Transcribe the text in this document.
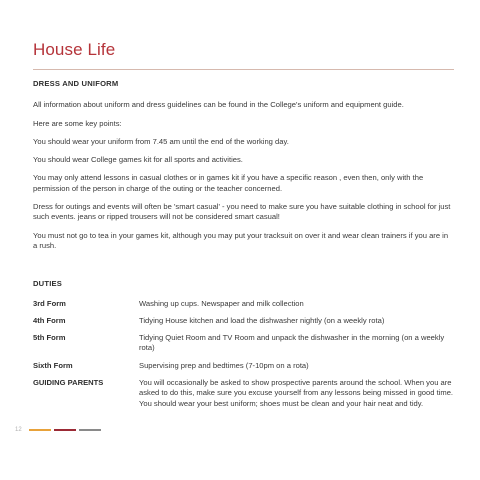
House Life
DRESS AND UNIFORM

All information about uniform and dress guidelines can be found in the College's uniform and equipment guide.

Here are some key points:

You should wear your uniform from 7.45 am until the end of the working day.

You should wear College games kit for all sports and activities.

You may only attend lessons in casual clothes or in games kit if you have a specific reason , even then, only with the permission of the person in charge of the outing or the teacher concerned.

Dress for outings and events will often be 'smart casual' - you need to make sure you have suitable clothing in school for just such events. jeans or ripped trousers will not be considered smart casual!

You must not go to tea in your games kit, although you may put your tracksuit on over it and wear clean trainers if you are in a rush.

DUTIES
3rd Form	Washing up cups. Newspaper and milk collection
4th Form	Tidying House kitchen and load the dishwasher nightly (on a weekly rota)
5th Form	Tidying Quiet Room and TV Room and unpack the dishwasher in the morning (on a weekly rota)
Sixth Form	Supervising prep and bedtimes (7-10pm on a rota)
GUIDING PARENTS	You will occasionally be asked to show prospective parents around the school. When you are asked to do this, make sure you excuse yourself from any lessons being missed in good time. You should wear your best uniform; shoes must be clean and your hair neat and tidy.
12
